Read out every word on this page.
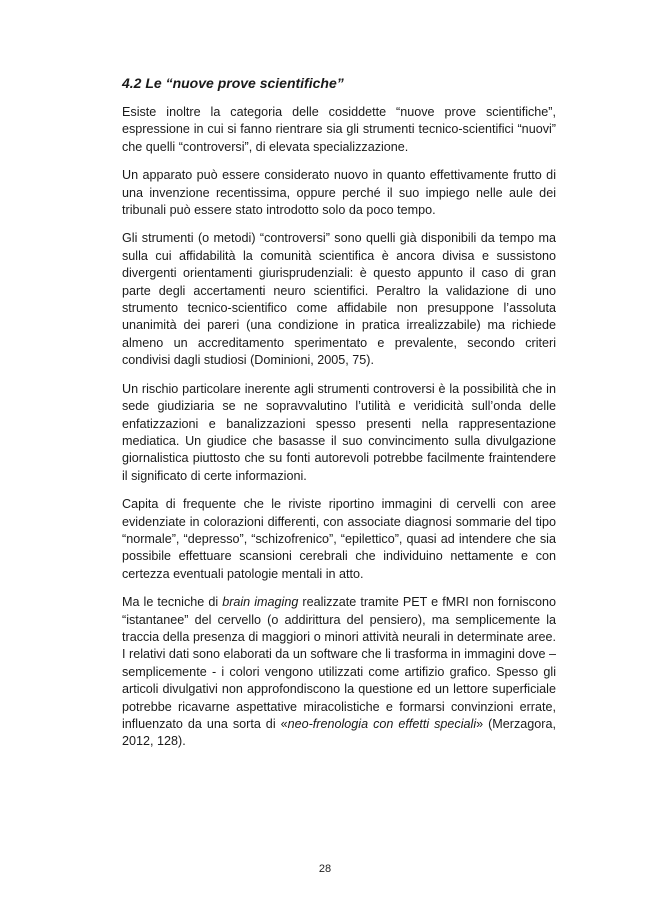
4.2 Le “nuove prove scientifiche”

Esiste inoltre la categoria delle cosiddette “nuove prove scientifiche”, espressione in cui si fanno rientrare sia gli strumenti tecnico-scientifici “nuovi” che quelli “controversi”, di elevata specializzazione.

Un apparato può essere considerato nuovo in quanto effettivamente frutto di una invenzione recentissima, oppure perché il suo impiego nelle aule dei tribunali può essere stato introdotto solo da poco tempo.

Gli strumenti (o metodi) “controversi” sono quelli già disponibili da tempo ma sulla cui affidabilità la comunità scientifica è ancora divisa e sussistono divergenti orientamenti giurisprudenziali: è questo appunto il caso di gran parte degli accertamenti neuro scientifici. Peraltro la validazione di uno strumento tecnico-scientifico come affidabile non presuppone l’assoluta unanimità dei pareri (una condizione in pratica irrealizzabile) ma richiede almeno un accreditamento sperimentato e prevalente, secondo criteri condivisi dagli studiosi (Dominioni, 2005, 75).

Un rischio particolare inerente agli strumenti controversi è la possibilità che in sede giudiziaria se ne sopravvalutino l’utilità e veridicità sull’onda delle enfatizzazioni e banalizzazioni spesso presenti nella rappresentazione mediatica. Un giudice che basasse il suo convincimento sulla divulgazione giornalistica piuttosto che su fonti autorevoli potrebbe facilmente fraintendere il significato di certe informazioni.

Capita di frequente che le riviste riportino immagini di cervelli con aree evidenziate in colorazioni differenti, con associate diagnosi sommarie del tipo “normale”, “depresso”, “schizofrenico”, “epilettico”, quasi ad intendere che sia possibile effettuare scansioni cerebrali che individuino nettamente e con certezza eventuali patologie mentali in atto.

Ma le tecniche di brain imaging realizzate tramite PET e fMRI non forniscono “istantanee” del cervello (o addirittura del pensiero), ma semplicemente la traccia della presenza di maggiori o minori attività neurali in determinate aree. I relativi dati sono elaborati da un software che li trasforma in immagini dove – semplicemente - i colori vengono utilizzati come artifizio grafico. Spesso gli articoli divulgativi non approfondiscono la questione ed un lettore superficiale potrebbe ricavarne aspettative miracolistiche e formarsi convinzioni errate, influenzato da una sorta di «neo-frenologia con effetti speciali» (Merzagora, 2012, 128).

28
